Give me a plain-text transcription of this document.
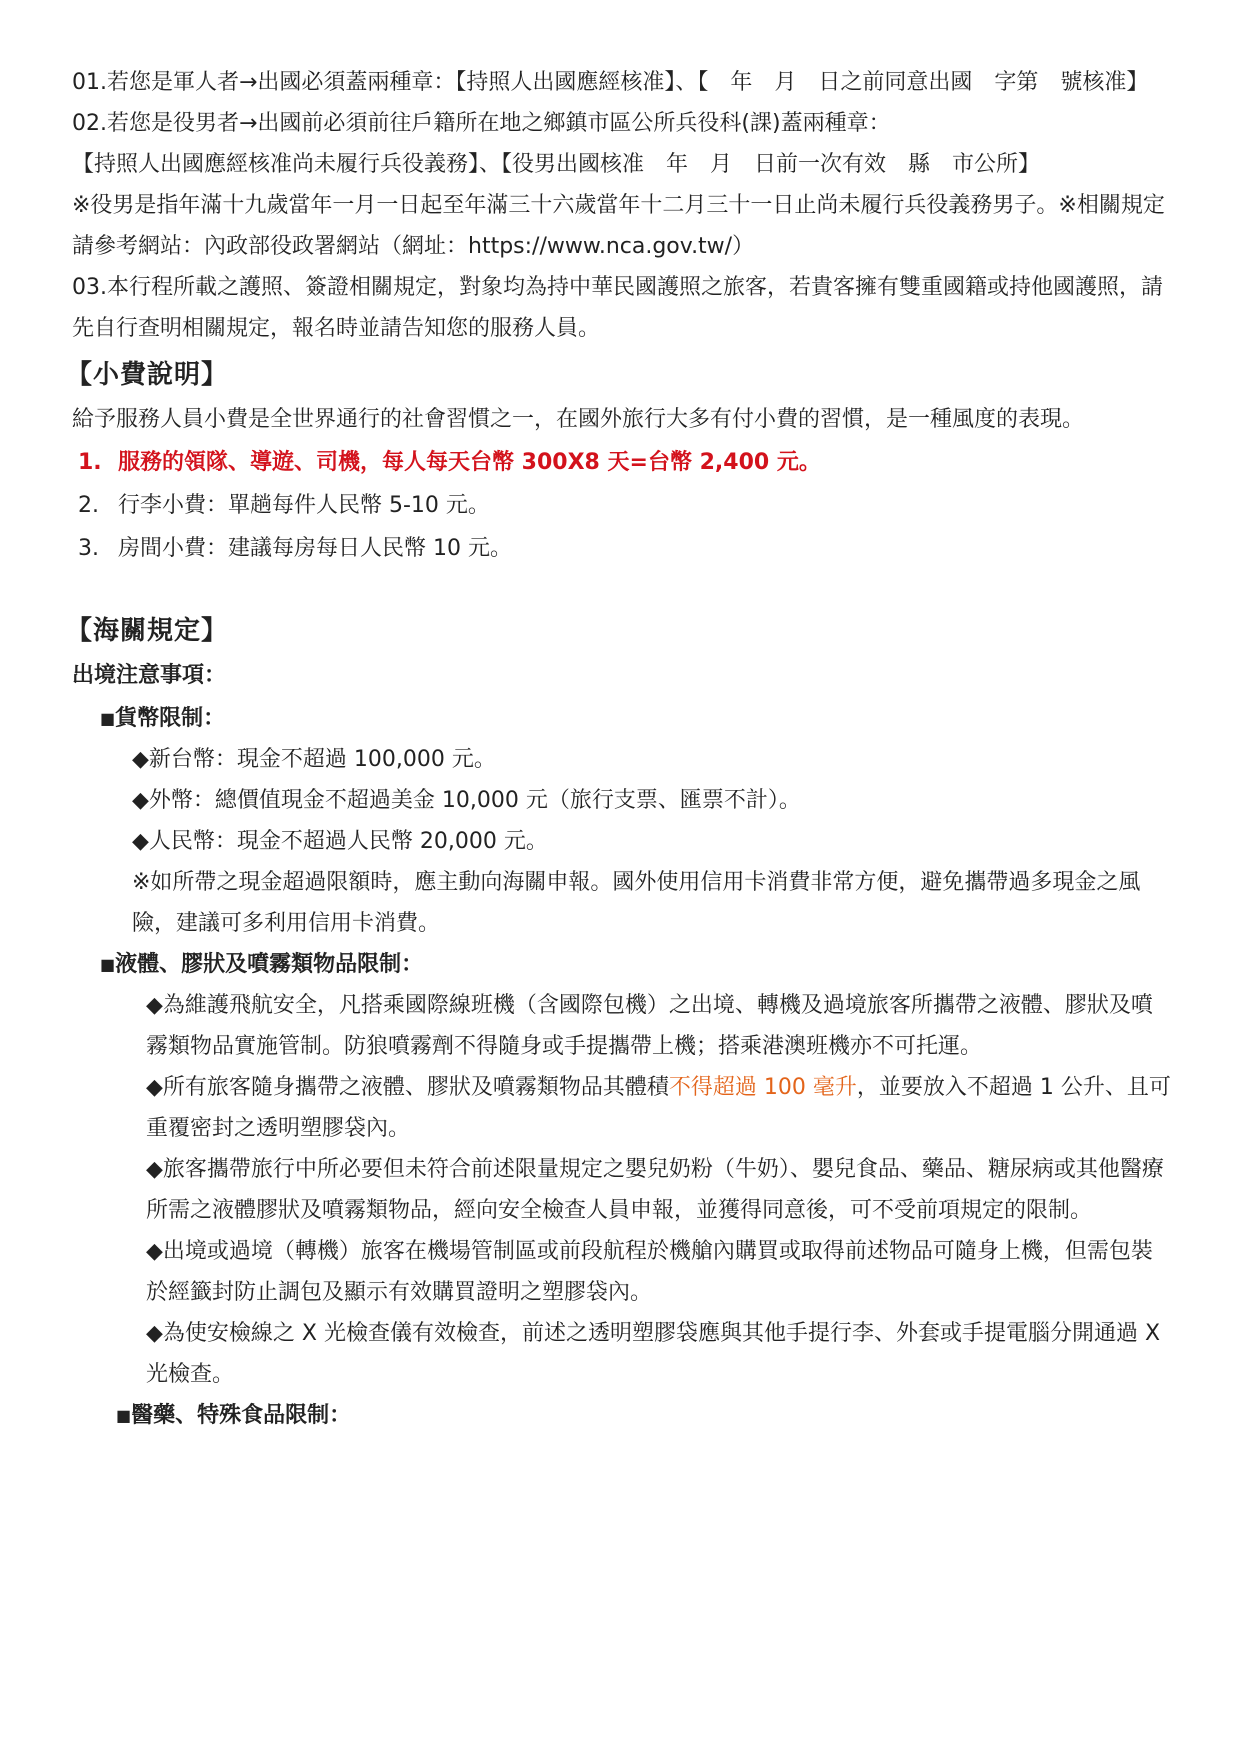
01.若您是軍人者→出國必須蓋兩種章：【持照人出國應經核准】、【　年　月　日之前同意出國　字第　號核准】

02.若您是役男者→出國前必須前往戶籍所在地之鄉鎮市區公所兵役科(課)蓋兩種章：

【持照人出國應經核准尚未履行兵役義務】、【役男出國核准　年　月　日前一次有效　縣　市公所】

※役男是指年滿十九歲當年一月一日起至年滿三十六歲當年十二月三十一日止尚未履行兵役義務男子。※相關規定請參考網站：內政部役政署網站（網址：https://www.nca.gov.tw/）

03.本行程所載之護照、簽證相關規定，對象均為持中華民國護照之旅客，若貴客擁有雙重國籍或持他國護照，請先自行查明相關規定，報名時並請告知您的服務人員。

【小費說明】

給予服務人員小費是全世界通行的社會習慣之一，在國外旅行大多有付小費的習慣，是一種風度的表現。

1. 服務的領隊、導遊、司機，每人每天台幣 300X8 天=台幣 2,400 元。
2. 行李小費：單趟每件人民幣 5-10 元。
3. 房間小費：建議每房每日人民幣 10 元。
【海關規定】
出境注意事項：
■貨幣限制：

◆新台幣：現金不超過 100,000 元。

◆外幣：總價值現金不超過美金 10,000 元（旅行支票、匯票不計）。

◆人民幣：現金不超過人民幣 20,000 元。

※如所帶之現金超過限額時，應主動向海關申報。國外使用信用卡消費非常方便，避免攜帶過多現金之風險，建議可多利用信用卡消費。

■液體、膠狀及噴霧類物品限制：

◆為維護飛航安全，凡搭乘國際線班機（含國際包機）之出境、轉機及過境旅客所攜帶之液體、膠狀及噴霧類物品實施管制。防狼噴霧劑不得隨身或手提攜帶上機；搭乘港澳班機亦不可托運。

◆所有旅客隨身攜帶之液體、膠狀及噴霧類物品其體積不得超過 100 毫升，並要放入不超過 1 公升、且可重覆密封之透明塑膠袋內。

◆旅客攜帶旅行中所必要但未符合前述限量規定之嬰兒奶粉（牛奶）、嬰兒食品、藥品、糖尿病或其他醫療所需之液體膠狀及噴霧類物品，經向安全檢查人員申報，並獲得同意後，可不受前項規定的限制。

◆出境或過境（轉機）旅客在機場管制區或前段航程於機艙內購買或取得前述物品可隨身上機，但需包裝於經籤封防止調包及顯示有效購買證明之塑膠袋內。

◆為使安檢線之 X 光檢查儀有效檢查，前述之透明塑膠袋應與其他手提行李、外套或手提電腦分開通過 X 光檢查。

■醫藥、特殊食品限制：
